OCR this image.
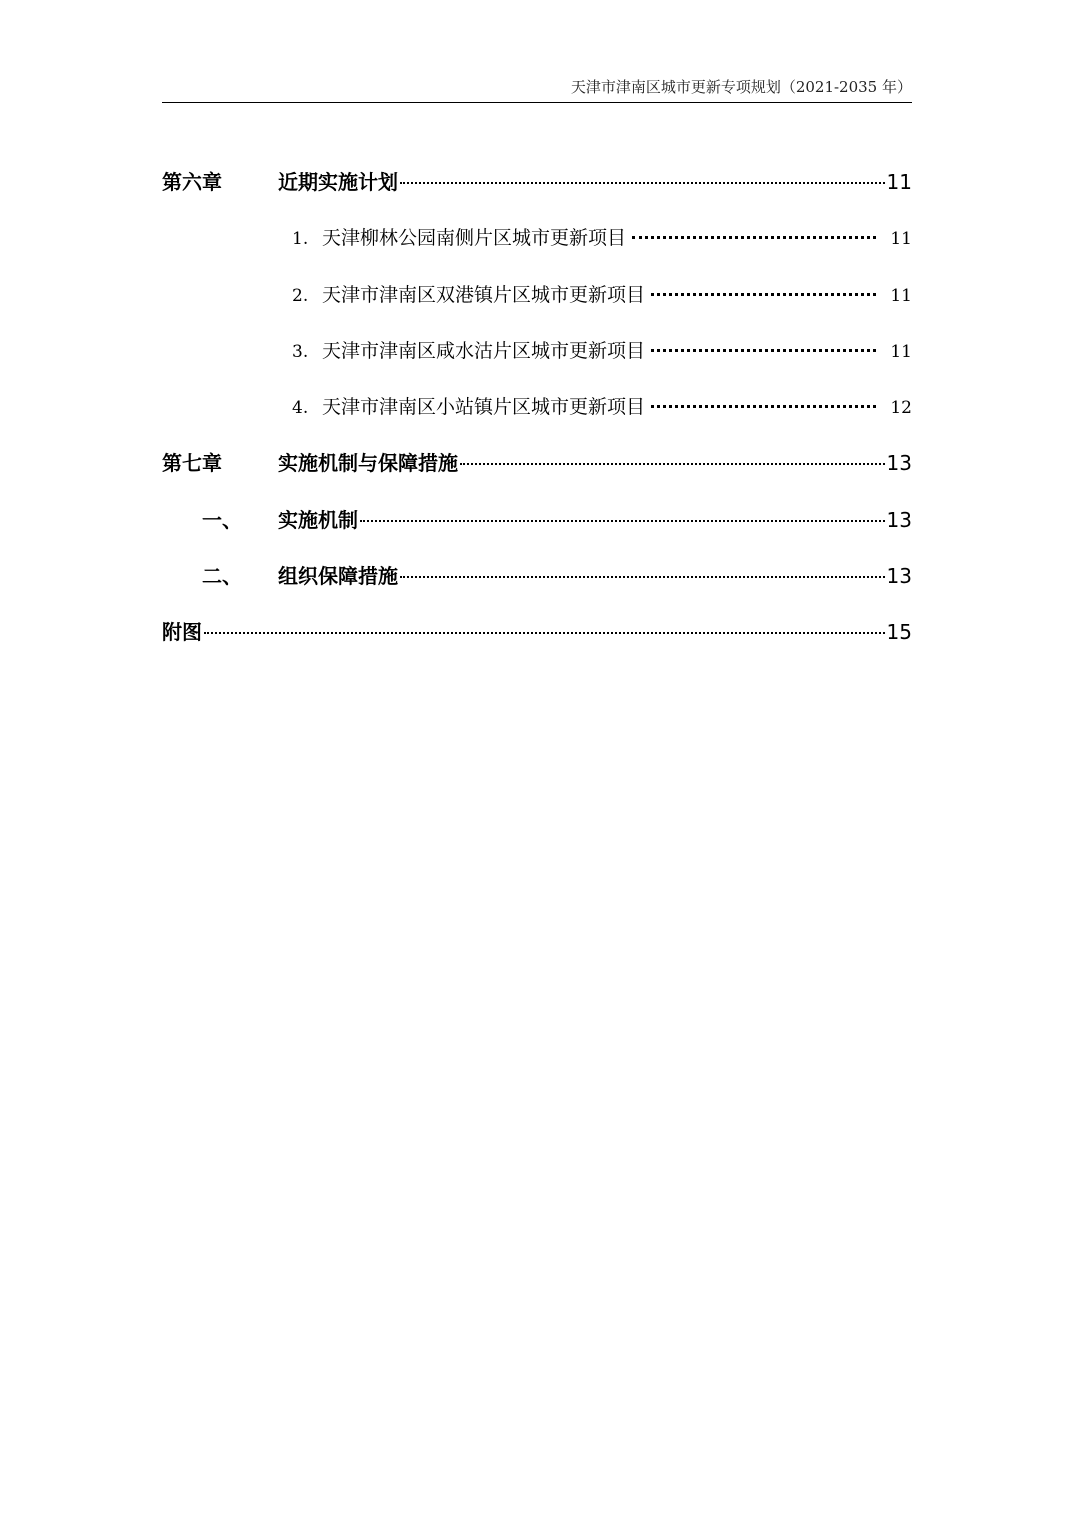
天津市津南区城市更新专项规划（2021-2035 年）
第六章	近期实施计划	11
1. 天津柳林公园南侧片区城市更新项目	11
2. 天津市津南区双港镇片区城市更新项目	11
3. 天津市津南区咸水沽片区城市更新项目	11
4. 天津市津南区小站镇片区城市更新项目	12
第七章	实施机制与保障措施	13
一、	实施机制	13
二、	组织保障措施	13
附图	15
